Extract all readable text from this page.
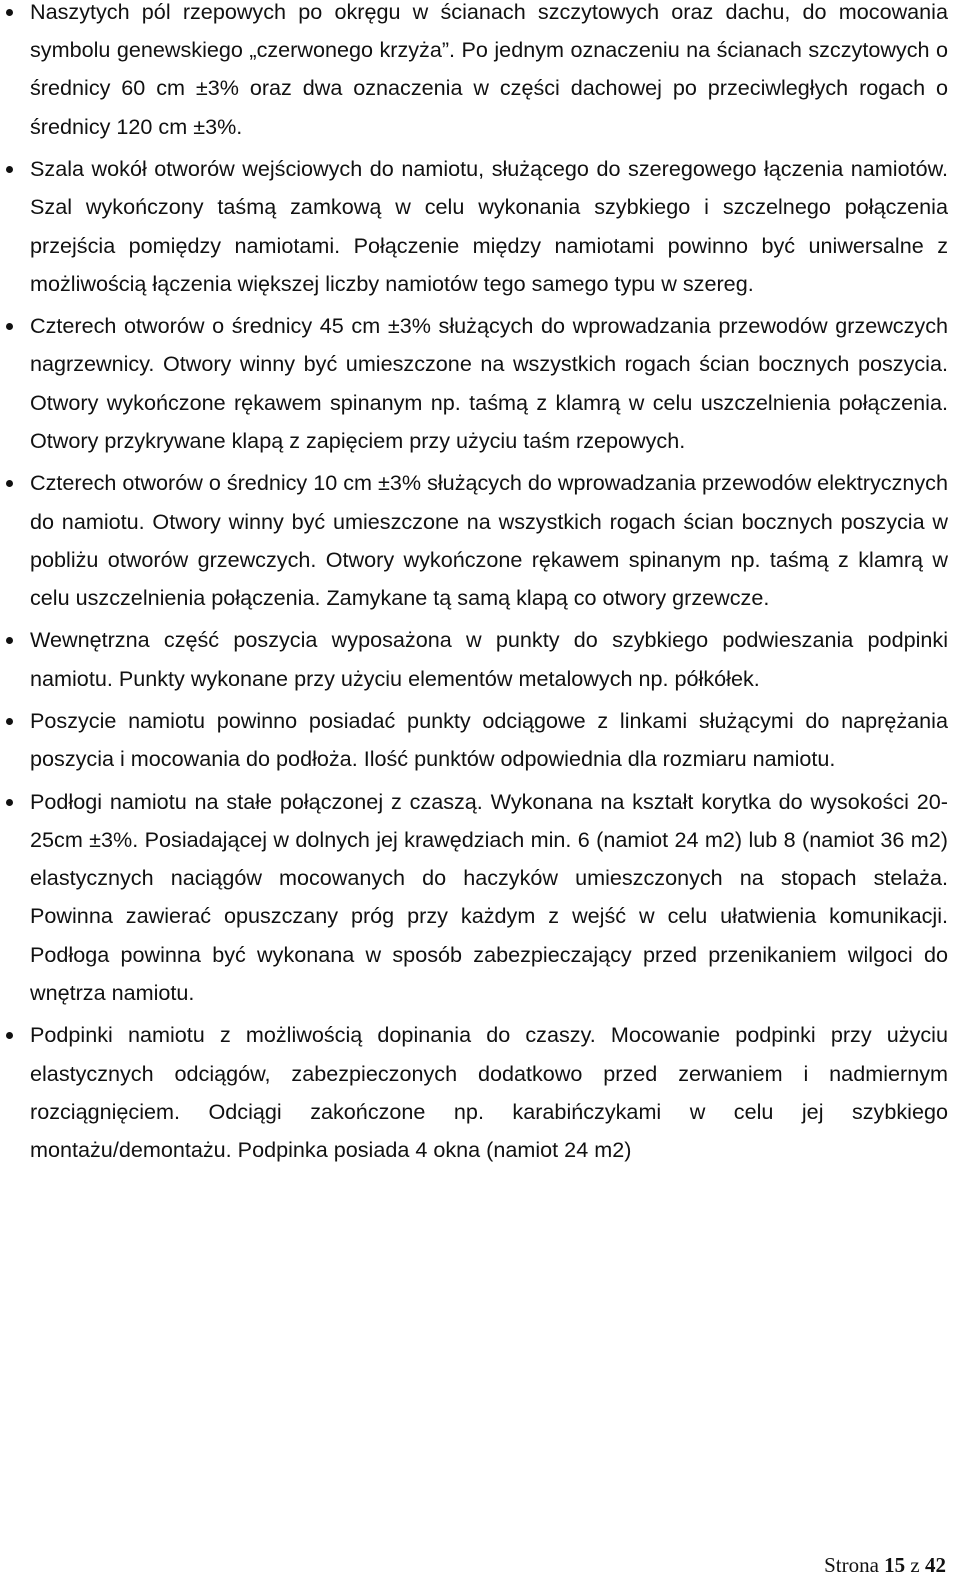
Naszytych pól rzepowych po okręgu w ścianach szczytowych oraz dachu, do mocowania symbolu genewskiego „czerwonego krzyża”. Po jednym oznaczeniu na ścianach szczytowych o średnicy 60 cm ±3% oraz dwa oznaczenia w części dachowej po przeciwległych rogach o średnicy 120 cm ±3%.
Szala wokół otworów wejściowych do namiotu, służącego do szeregowego łączenia namiotów. Szal wykończony taśmą zamkową w celu wykonania szybkiego i szczelnego połączenia przejścia pomiędzy namiotami. Połączenie między namiotami powinno być uniwersalne z możliwością łączenia większej liczby namiotów tego samego typu w szereg.
Czterech otworów o średnicy 45 cm ±3% służących do wprowadzania przewodów grzewczych nagrzewnicy. Otwory winny być umieszczone na wszystkich rogach ścian bocznych poszycia. Otwory wykończone rękawem spinanym np. taśmą z klamrą w celu uszczelnienia połączenia. Otwory przykrywane klapą z zapięciem przy użyciu taśm rzepowych.
Czterech otworów o średnicy 10 cm ±3% służących do wprowadzania przewodów elektrycznych do namiotu. Otwory winny być umieszczone na wszystkich rogach ścian bocznych poszycia w pobliżu otworów grzewczych. Otwory wykończone rękawem spinanym np. taśmą z klamrą w celu uszczelnienia połączenia. Zamykane tą samą klapą co otwory grzewcze.
Wewnętrzna część poszycia wyposażona w punkty do szybkiego podwieszania podpinki namiotu. Punkty wykonane przy użyciu elementów metalowych np. półkółek.
Poszycie namiotu powinno posiadać punkty odciągowe z linkami służącymi do naprężania poszycia i mocowania do podłoża. Ilość punktów odpowiednia dla rozmiaru namiotu.
Podłogi namiotu na stałe połączonej z czaszą. Wykonana na kształt korytka do wysokości 20-25cm ±3%. Posiadającej w dolnych jej krawędziach min. 6 (namiot 24 m2) lub 8 (namiot 36 m2) elastycznych naciągów mocowanych do haczyków umieszczonych na stopach stelaża. Powinna zawierać opuszczany próg przy każdym z wejść w celu ułatwienia komunikacji. Podłoga powinna być wykonana w sposób zabezpieczający przed przenikaniem wilgoci do wnętrza namiotu.
Podpinki namiotu z możliwością dopinania do czaszy. Mocowanie podpinki przy użyciu elastycznych odciągów, zabezpieczonych dodatkowo przed zerwaniem i nadmiernym rozciągnięciem. Odciągi zakończone np. karabińczykami w celu jej szybkiego montażu/demontażu. Podpinka posiada 4 okna (namiot 24 m2)
Strona 15 z 42
